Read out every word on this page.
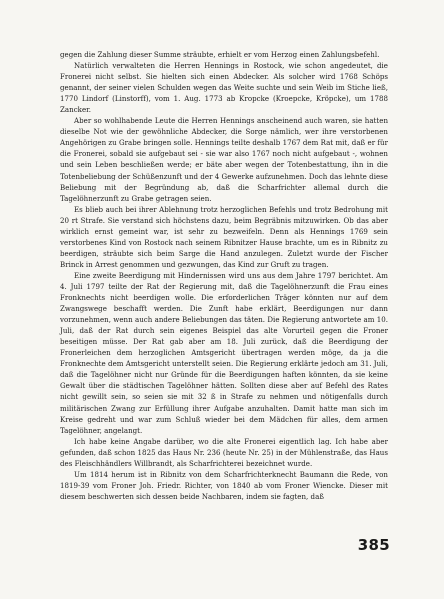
gegen die Zahlung dieser Summe sträubte, erhielt er vom Herzog einen Zahlungsbefehl.

Natürlich verwalteten die Herren Hennings in Rostock, wie schon angedeutet, die Fronerei nicht selbst. Sie hielten sich einen Abdecker. Als solcher wird 1768 Schöps genannt, der seiner vielen Schulden wegen das Weite suchte und sein Weib im Stiche ließ, 1770 Lindorf (Linstorff), vom 1. Aug. 1773 ab Kropcke (Kroepcke, Kröpcke), um 1788 Zancker.

Aber so wohlhabende Leute die Herren Hennings anscheinend auch waren, sie hatten dieselbe Not wie der gewöhnliche Abdecker, die Sorge nämlich, wer ihre verstorbenen Angehörigen zu Grabe bringen solle. Hennings teilte deshalb 1767 dem Rat mit, daß er für die Fronerei, sobald sie aufgebaut sei - sie war also 1767 noch nicht aufgebaut -, wohnen und sein Leben beschließen werde; er bäte aber wegen der Totenbestattung, ihn in die Totenbeliebung der Schüßenzunft und der 4 Gewerke aufzunehmen. Doch das lehnte diese Beliebung mit der Begründung ab, daß die Scharfrichter allemal durch die Tagelöhnerzunft zu Grabe getragen seien.

Es blieb auch bei ihrer Ablehnung trotz herzoglichen Befehls und trotz Bedrohung mit 20 rt Strafe. Sie verstand sich höchstens dazu, beim Begräbnis mitzuwirken. Ob das aber wirklich ernst gemeint war, ist sehr zu bezweifeln. Denn als Hennings 1769 sein verstorbenes Kind von Rostock nach seinem Ribnitzer Hause brachte, um es in Ribnitz zu beerdigen, sträubte sich beim Sarge die Hand anzulegen. Zuletzt wurde der Fischer Brinck in Arrest genommen und gezwungen, das Kind zur Gruft zu tragen.

Eine zweite Beerdigung mit Hindernissen wird uns aus dem Jahre 1797 berichtet. Am 4. Juli 1797 teilte der Rat der Regierung mit, daß die Tagelöhnerzunft die Frau eines Fronknechts nicht beerdigen wolle. Die erforderlichen Träger könnten nur auf dem Zwangswege beschafft werden. Die Zunft habe erklärt, Beerdigungen nur dann vorzunehmen, wenn auch andere Beliebungen das täten. Die Regierung antwortete am 10. Juli, daß der Rat durch sein eigenes Beispiel das alte Vorurteil gegen die Froner beseitigen müsse. Der Rat gab aber am 18. Juli zurück, daß die Beerdigung der Fronerleichen dem herzoglichen Amtsgericht übertragen werden möge, da ja die Fronknechte dem Amtsgericht unterstellt seien. Die Regierung erklärte jedoch am 31. Juli, daß die Tagelöhner nicht nur Gründe für die Beerdigungen haften könnten, da sie keine Gewalt über die städtischen Tagelöhner hätten. Sollten diese aber auf Befehl des Rates nicht gewillt sein, so seien sie mit 32 ß in Strafe zu nehmen und nötigenfalls durch militärischen Zwang zur Erfüllung ihrer Aufgabe anzuhalten. Damit hatte man sich im Kreise gedreht und war zum Schluß wieder bei dem Mädchen für alles, dem armen Tagelöhner, angelangt.

Ich habe keine Angabe darüber, wo die alte Fronerei eigentlich lag. Ich habe aber gefunden, daß schon 1825 das Haus Nr. 236 (heute Nr. 25) in der Mühlenstraße, das Haus des Fleischhändlers Willbrandt, als Scharfrichterei bezeichnet wurde.

Um 1814 herum ist in Ribnitz von dem Scharfrichterknecht Baumann die Rede, von 1819-39 vom Froner Joh. Friedr. Richter, von 1840 ab vom Froner Wiencke. Dieser mit diesem beschwerten sich dessen beide Nachbaren, indem sie fagten, daß

385
